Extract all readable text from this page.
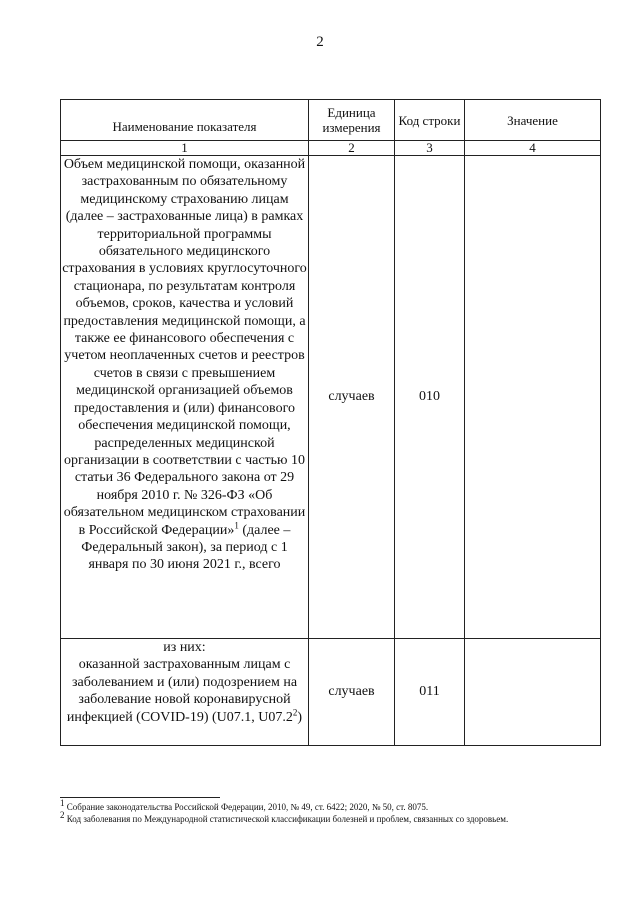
2
Наименование показателя	Единица измерения	Код строки	Значение
1	2	3	4
Объем медицинской помощи, оказанной застрахованным по обязательному медицинскому страхованию лицам (далее – застрахованные лица) в рамках территориальной программы обязательного медицинского страхования в условиях круглосуточного стационара, по результатам контроля объемов, сроков, качества и условий предоставления медицинской помощи, а также ее финансового обеспечения с учетом неоплаченных счетов и реестров счетов в связи с превышением медицинской организацией объемов предоставления и (или) финансового обеспечения медицинской помощи, распределенных медицинской организации в соответствии с частью 10 статьи 36 Федерального закона от 29 ноября 2010 г. № 326-ФЗ «Об обязательном медицинском страховании в Российской Федерации»$^1$ (далее – Федеральный закон), за период с 1 января по 30 июня 2021 г., всего	случаев	010	

из них:
оказанной застрахованным лицам с заболеванием и (или) подозрением на заболевание новой коронавирусной инфекцией (COVID-19) (U07.1, U07.2$^2$)	случаев	011	

$^1$ Собрание законодательства Российской Федерации, 2010, № 49, ст. 6422; 2020, № 50, ст. 8075.

$^2$ Код заболевания по Международной статистической классификации болезней и проблем, связанных со здоровьем.
